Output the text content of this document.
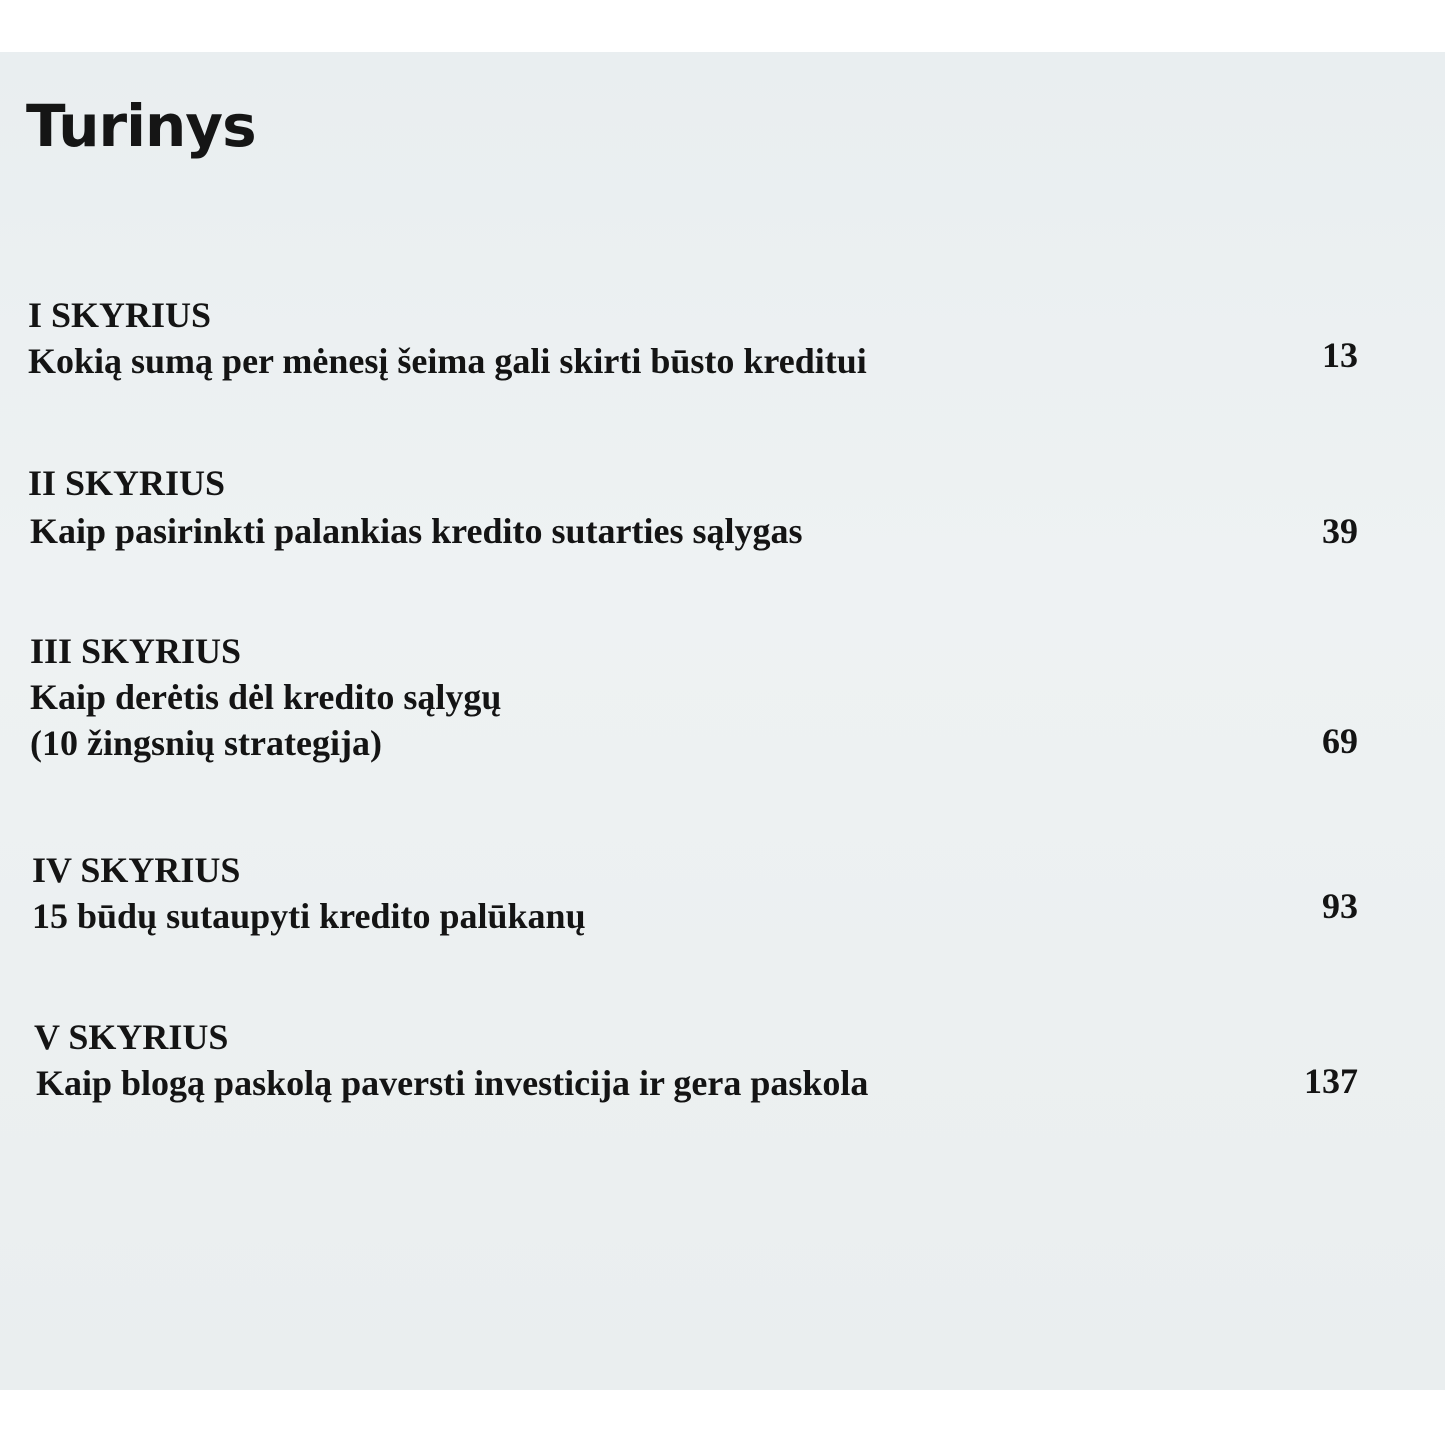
Turinys
I SKYRIUS
Kokią sumą per mėnesį šeima gali skirti būsto kreditui	13
II SKYRIUS
Kaip pasirinkti palankias kredito sutarties sąlygas	39
III SKYRIUS
Kaip derėtis dėl kredito sąlygų
(10 žingsnių strategija)	69
IV SKYRIUS
15 būdų sutaupyti kredito palūkanų	93
V SKYRIUS
Kaip blogą paskolą paversti investicija ir gera paskola	137
